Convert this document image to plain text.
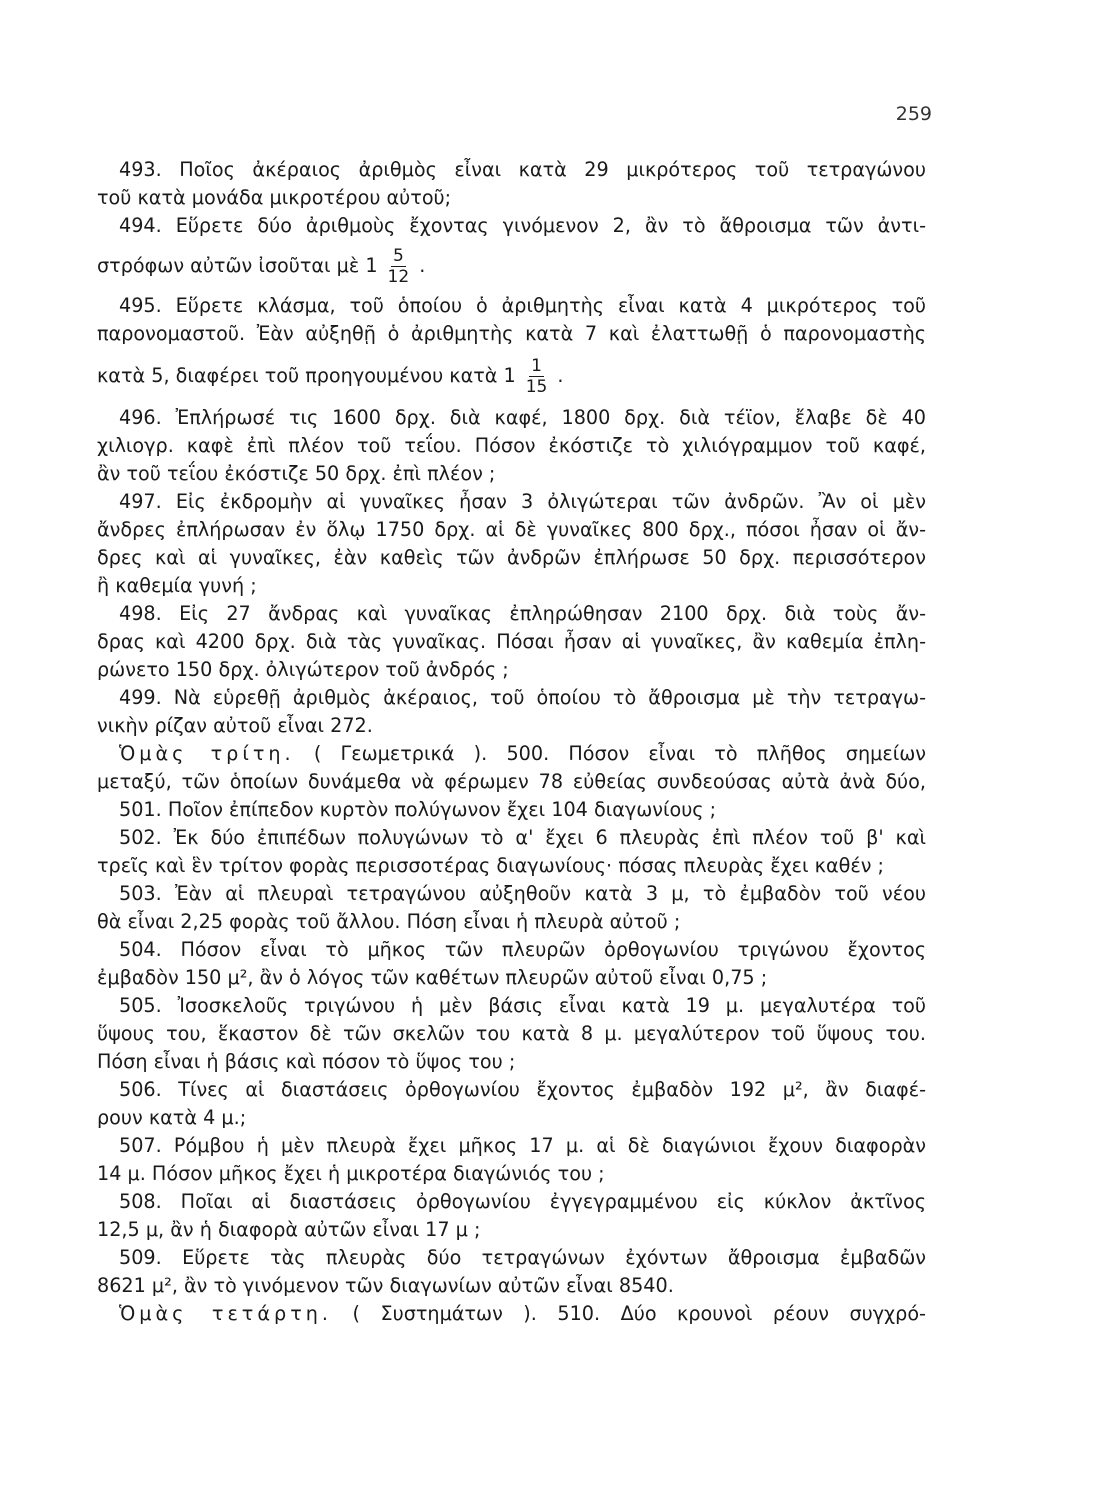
259
493. Ποῖος ἀκέραιος ἀριθμὸς εἶναι κατὰ 29 μικρότερος τοῦ τετραγώνου
τοῦ κατὰ μονάδα μικροτέρου αὐτοῦ;
494. Εὕρετε δύο ἀριθμοὺς ἔχοντας γινόμενον 2, ἂν τὸ ἄθροισμα τῶν ἀντι-
στρόφων αὐτῶν ἰσοῦται μὲ $1 \frac{5}{12}$ .
495. Εὕρετε κλάσμα, τοῦ ὁποίου ὁ ἀριθμητὴς εἶναι κατὰ 4 μικρότερος τοῦ
παρονομαστοῦ. Ἐὰν αὐξηθῇ ὁ ἀριθμητὴς κατὰ 7 καὶ ἐλαττωθῇ ὁ παρονομαστὴς
κατὰ 5, διαφέρει τοῦ προηγουμένου κατὰ $1 \frac{1}{15}$ .
496. Ἐπλήρωσέ τις 1600 δρχ. διὰ καφέ, 1800 δρχ. διὰ τέϊον, ἔλαβε δὲ 40
χιλιογρ. καφὲ ἐπὶ πλέον τοῦ τεΐου. Πόσον ἐκόστιζε τὸ χιλιόγραμμον τοῦ καφέ,
ἂν τοῦ τεΐου ἐκόστιζε 50 δρχ. ἐπὶ πλέον ;
497. Εἰς ἐκδρομὴν αἱ γυναῖκες ἦσαν 3 ὀλιγώτεραι τῶν ἀνδρῶν. Ἂν οἱ μὲν
ἄνδρες ἐπλήρωσαν ἐν ὅλῳ 1750 δρχ. αἱ δὲ γυναῖκες 800 δρχ., πόσοι ἦσαν οἱ ἄν-
δρες καὶ αἱ γυναῖκες, ἐὰν καθεὶς τῶν ἀνδρῶν ἐπλήρωσε 50 δρχ. περισσότερον
ἢ καθεμία γυνή ;
498. Εἰς 27 ἄνδρας καὶ γυναῖκας ἐπληρώθησαν 2100 δρχ. διὰ τοὺς ἄν-
δρας καὶ 4200 δρχ. διὰ τὰς γυναῖκας. Πόσαι ἦσαν αἱ γυναῖκες, ἂν καθεμία ἐπλη-
ρώνετο 150 δρχ. ὀλιγώτερον τοῦ ἀνδρός ;
499. Νὰ εὑρεθῇ ἀριθμὸς ἀκέραιος, τοῦ ὁποίου τὸ ἄθροισμα μὲ τὴν τετραγω-
νικὴν ρίζαν αὐτοῦ εἶναι 272.
Ὁμὰς τρίτη. ( Γεωμετρικά ). 500. Πόσον εἶναι τὸ πλῆθος σημείων
μεταξύ, τῶν ὁποίων δυνάμεθα νὰ φέρωμεν 78 εὐθείας συνδεούσας αὐτὰ ἀνὰ δύο,
501. Ποῖον ἐπίπεδον κυρτὸν πολύγωνον ἔχει 104 διαγωνίους ;
502. Ἐκ δύο ἐπιπέδων πολυγώνων τὸ α' ἔχει 6 πλευρὰς ἐπὶ πλέον τοῦ β' καὶ
τρεῖς καὶ ἓν τρίτον φορὰς περισσοτέρας διαγωνίους· πόσας πλευρὰς ἔχει καθέν ;
503. Ἐὰν αἱ πλευραὶ τετραγώνου αὐξηθοῦν κατὰ 3 μ, τὸ ἐμβαδὸν τοῦ νέου
θὰ εἶναι 2,25 φορὰς τοῦ ἄλλου. Πόση εἶναι ἡ πλευρὰ αὐτοῦ ;
504. Πόσον εἶναι τὸ μῆκος τῶν πλευρῶν ὀρθογωνίου τριγώνου ἔχοντος
ἐμβαδὸν 150 μ², ἂν ὁ λόγος τῶν καθέτων πλευρῶν αὐτοῦ εἶναι 0,75 ;
505. Ἰσοσκελοῦς τριγώνου ἡ μὲν βάσις εἶναι κατὰ 19 μ. μεγαλυτέρα τοῦ
ὕψους του, ἕκαστον δὲ τῶν σκελῶν του κατὰ 8 μ. μεγαλύτερον τοῦ ὕψους του.
Πόση εἶναι ἡ βάσις καὶ πόσον τὸ ὕψος του ;
506. Τίνες αἱ διαστάσεις ὀρθογωνίου ἔχοντος ἐμβαδὸν 192 μ², ἂν διαφέ-
ρουν κατὰ 4 μ.;
507. Ρόμβου ἡ μὲν πλευρὰ ἔχει μῆκος 17 μ. αἱ δὲ διαγώνιοι ἔχουν διαφορὰν
14 μ. Πόσον μῆκος ἔχει ἡ μικροτέρα διαγώνιός του ;
508. Ποῖαι αἱ διαστάσεις ὀρθογωνίου ἐγγεγραμμένου εἰς κύκλον ἀκτῖνος
12,5 μ, ἂν ἡ διαφορὰ αὐτῶν εἶναι 17 μ ;
509. Εὕρετε τὰς πλευρὰς δύο τετραγώνων ἐχόντων ἄθροισμα ἐμβαδῶν
8621 μ², ἂν τὸ γινόμενον τῶν διαγωνίων αὐτῶν εἶναι 8540.
Ὁμὰς τετάρτη. ( Συστημάτων ). 510. Δύο κρουνοὶ ρέουν συγχρό-
